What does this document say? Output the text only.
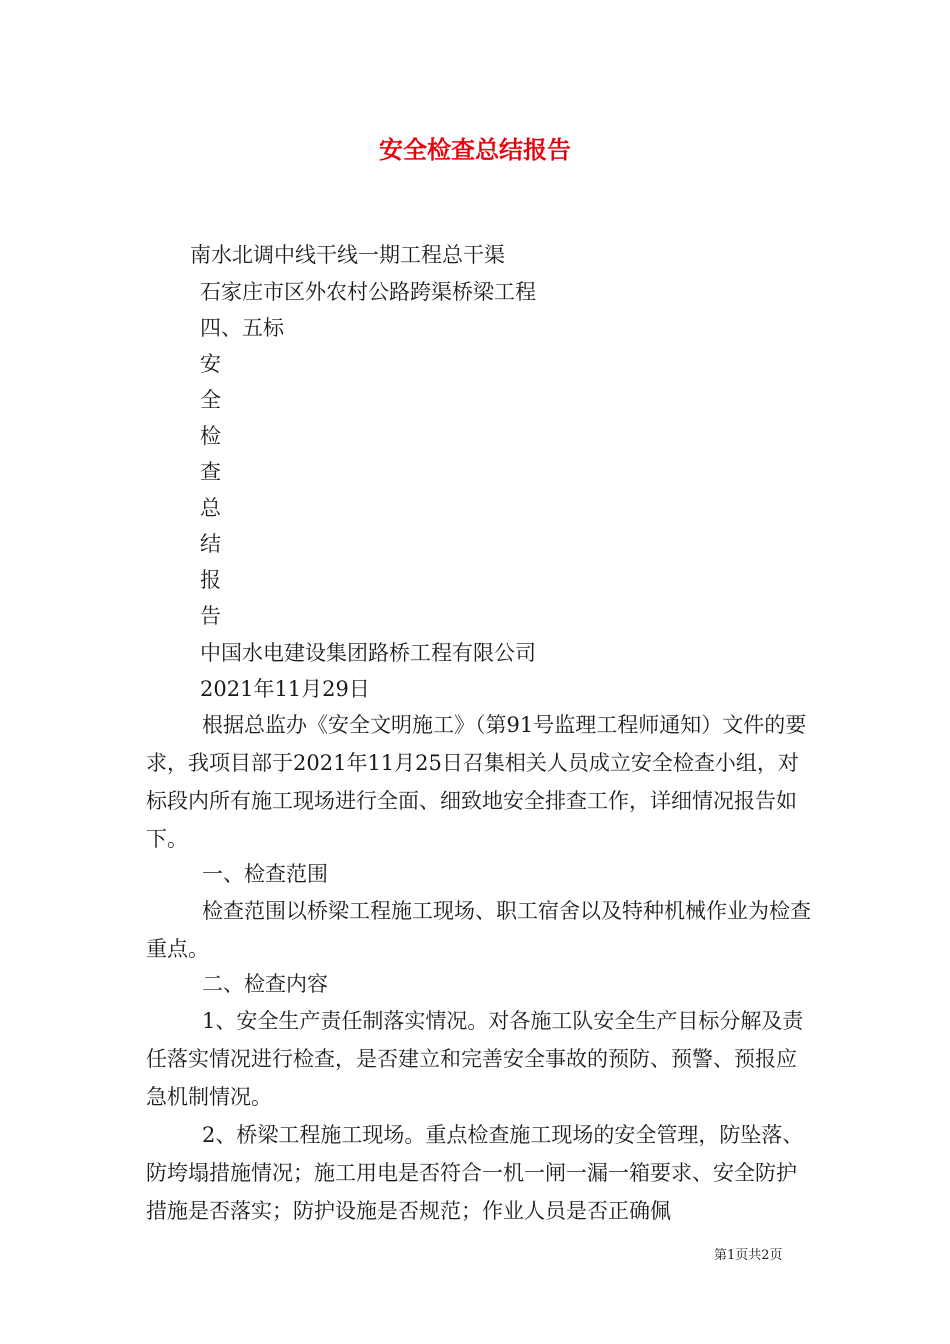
安全检查总结报告
南水北调中线干线一期工程总干渠
石家庄市区外农村公路跨渠桥梁工程
四、五标
安
全
检
查
总
结
报
告
中国水电建设集团路桥工程有限公司
2021年11月29日
根据总监办《安全文明施工》（第91号监理工程师通知）文件的要求，我项目部于2021年11月25日召集相关人员成立安全检查小组，对标段内所有施工现场进行全面、细致地安全排查工作，详细情况报告如下。
一、检查范围
检查范围以桥梁工程施工现场、职工宿舍以及特种机械作业为检查重点。
二、检查内容
1、安全生产责任制落实情况。对各施工队安全生产目标分解及责任落实情况进行检查，是否建立和完善安全事故的预防、预警、预报应急机制情况。
2、桥梁工程施工现场。重点检查施工现场的安全管理，防坠落、防垮塌措施情况；施工用电是否符合一机一闸一漏一箱要求、安全防护措施是否落实；防护设施是否规范；作业人员是否正确佩
第1页共2页
